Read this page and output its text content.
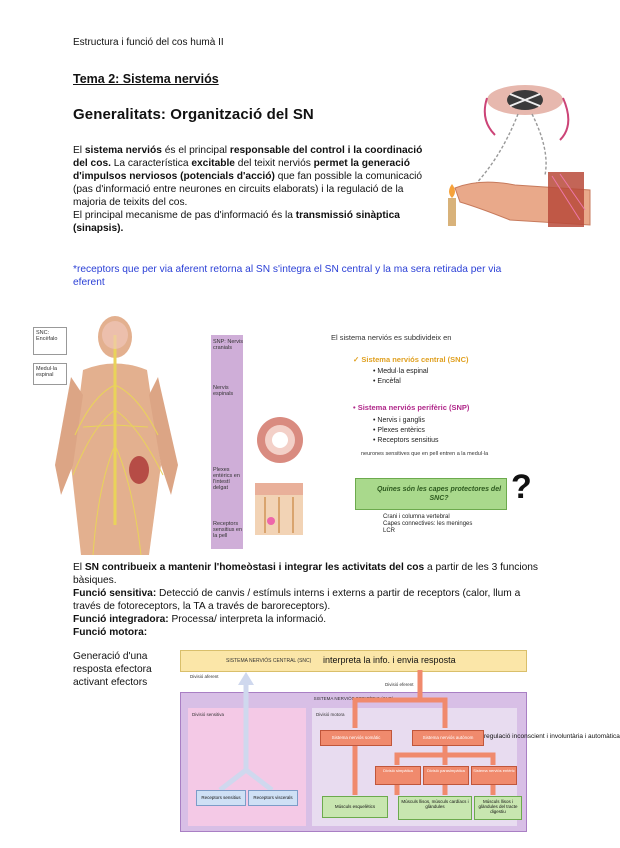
Estructura i funció del cos humà II
Tema 2: Sistema nerviós
Generalitats: Organització del SN
El sistema nerviós és el principal responsable del control i la coordinació del cos. La característica excitable del teixit nerviós permet la generació d'impulsos nerviosos (potencials d'acció) que fan possible la comunicació (pas d'informació entre neurones en circuits elaborats) i la regulació de la majoria de teixits del cos.
El principal mecanisme de pas d'informació és la transmissió sinàptica (sinapsis).
*receptors que per via aferent retorna al SN s'integra el SN central y la ma sera retirada per via eferent
SNC: Encèfalo
Medul·la espinal
SNP: Nervis cranials
Nervis espinals
Plexes entèrics en l'intestí delgat
Receptors sensitius en la pell
El sistema nerviós es subdivideix en
✓ Sistema nerviós central (SNC)
• Medul·la espinal
• Encèfal
• Sistema nerviós perifèric (SNP)
• Nervis i ganglis
• Plexes entèrics
• Receptors sensitius
neurones sensitives que en pell entren a la medul·la
Quines són les capes protectores del SNC?	?
Crani i columna vertebral
Capes connectives: les meninges
LCR
El SN contribueix a mantenir l'homeòstasi i integrar les activitats del cos a partir de les 3 funcions bàsiques.
Funció sensitiva: Detecció de canvis / estímuls interns i externs a partir de receptors (calor, llum a través de fotoreceptors, la TA a través de baroreceptors).
Funció integradora: Processa/ interpreta la informació.
Funció motora:
Generació d'una resposta efectora activant efectors
SISTEMA NERVIÓS CENTRAL (SNC) interpreta la info. i envia resposta
Divisió aferent
Divisió eferent
SISTEMA NERVIÓS PERIFÈRIC (SNP)
Divisió sensitiva	Divisió motora
Receptors sensitius	Receptors viscerals
Sistema nerviós somàtic	Sistema nerviós autònom	regulació inconscient i involuntària i automàtica
Divisió simpàtica	Divisió parasimpàtica	Sistema nerviós entèric
Músculs esquelètics
Músculs llisos, músculs cardíacs i glàndules
Músculs llisos i glàndules del tracte digestiu
